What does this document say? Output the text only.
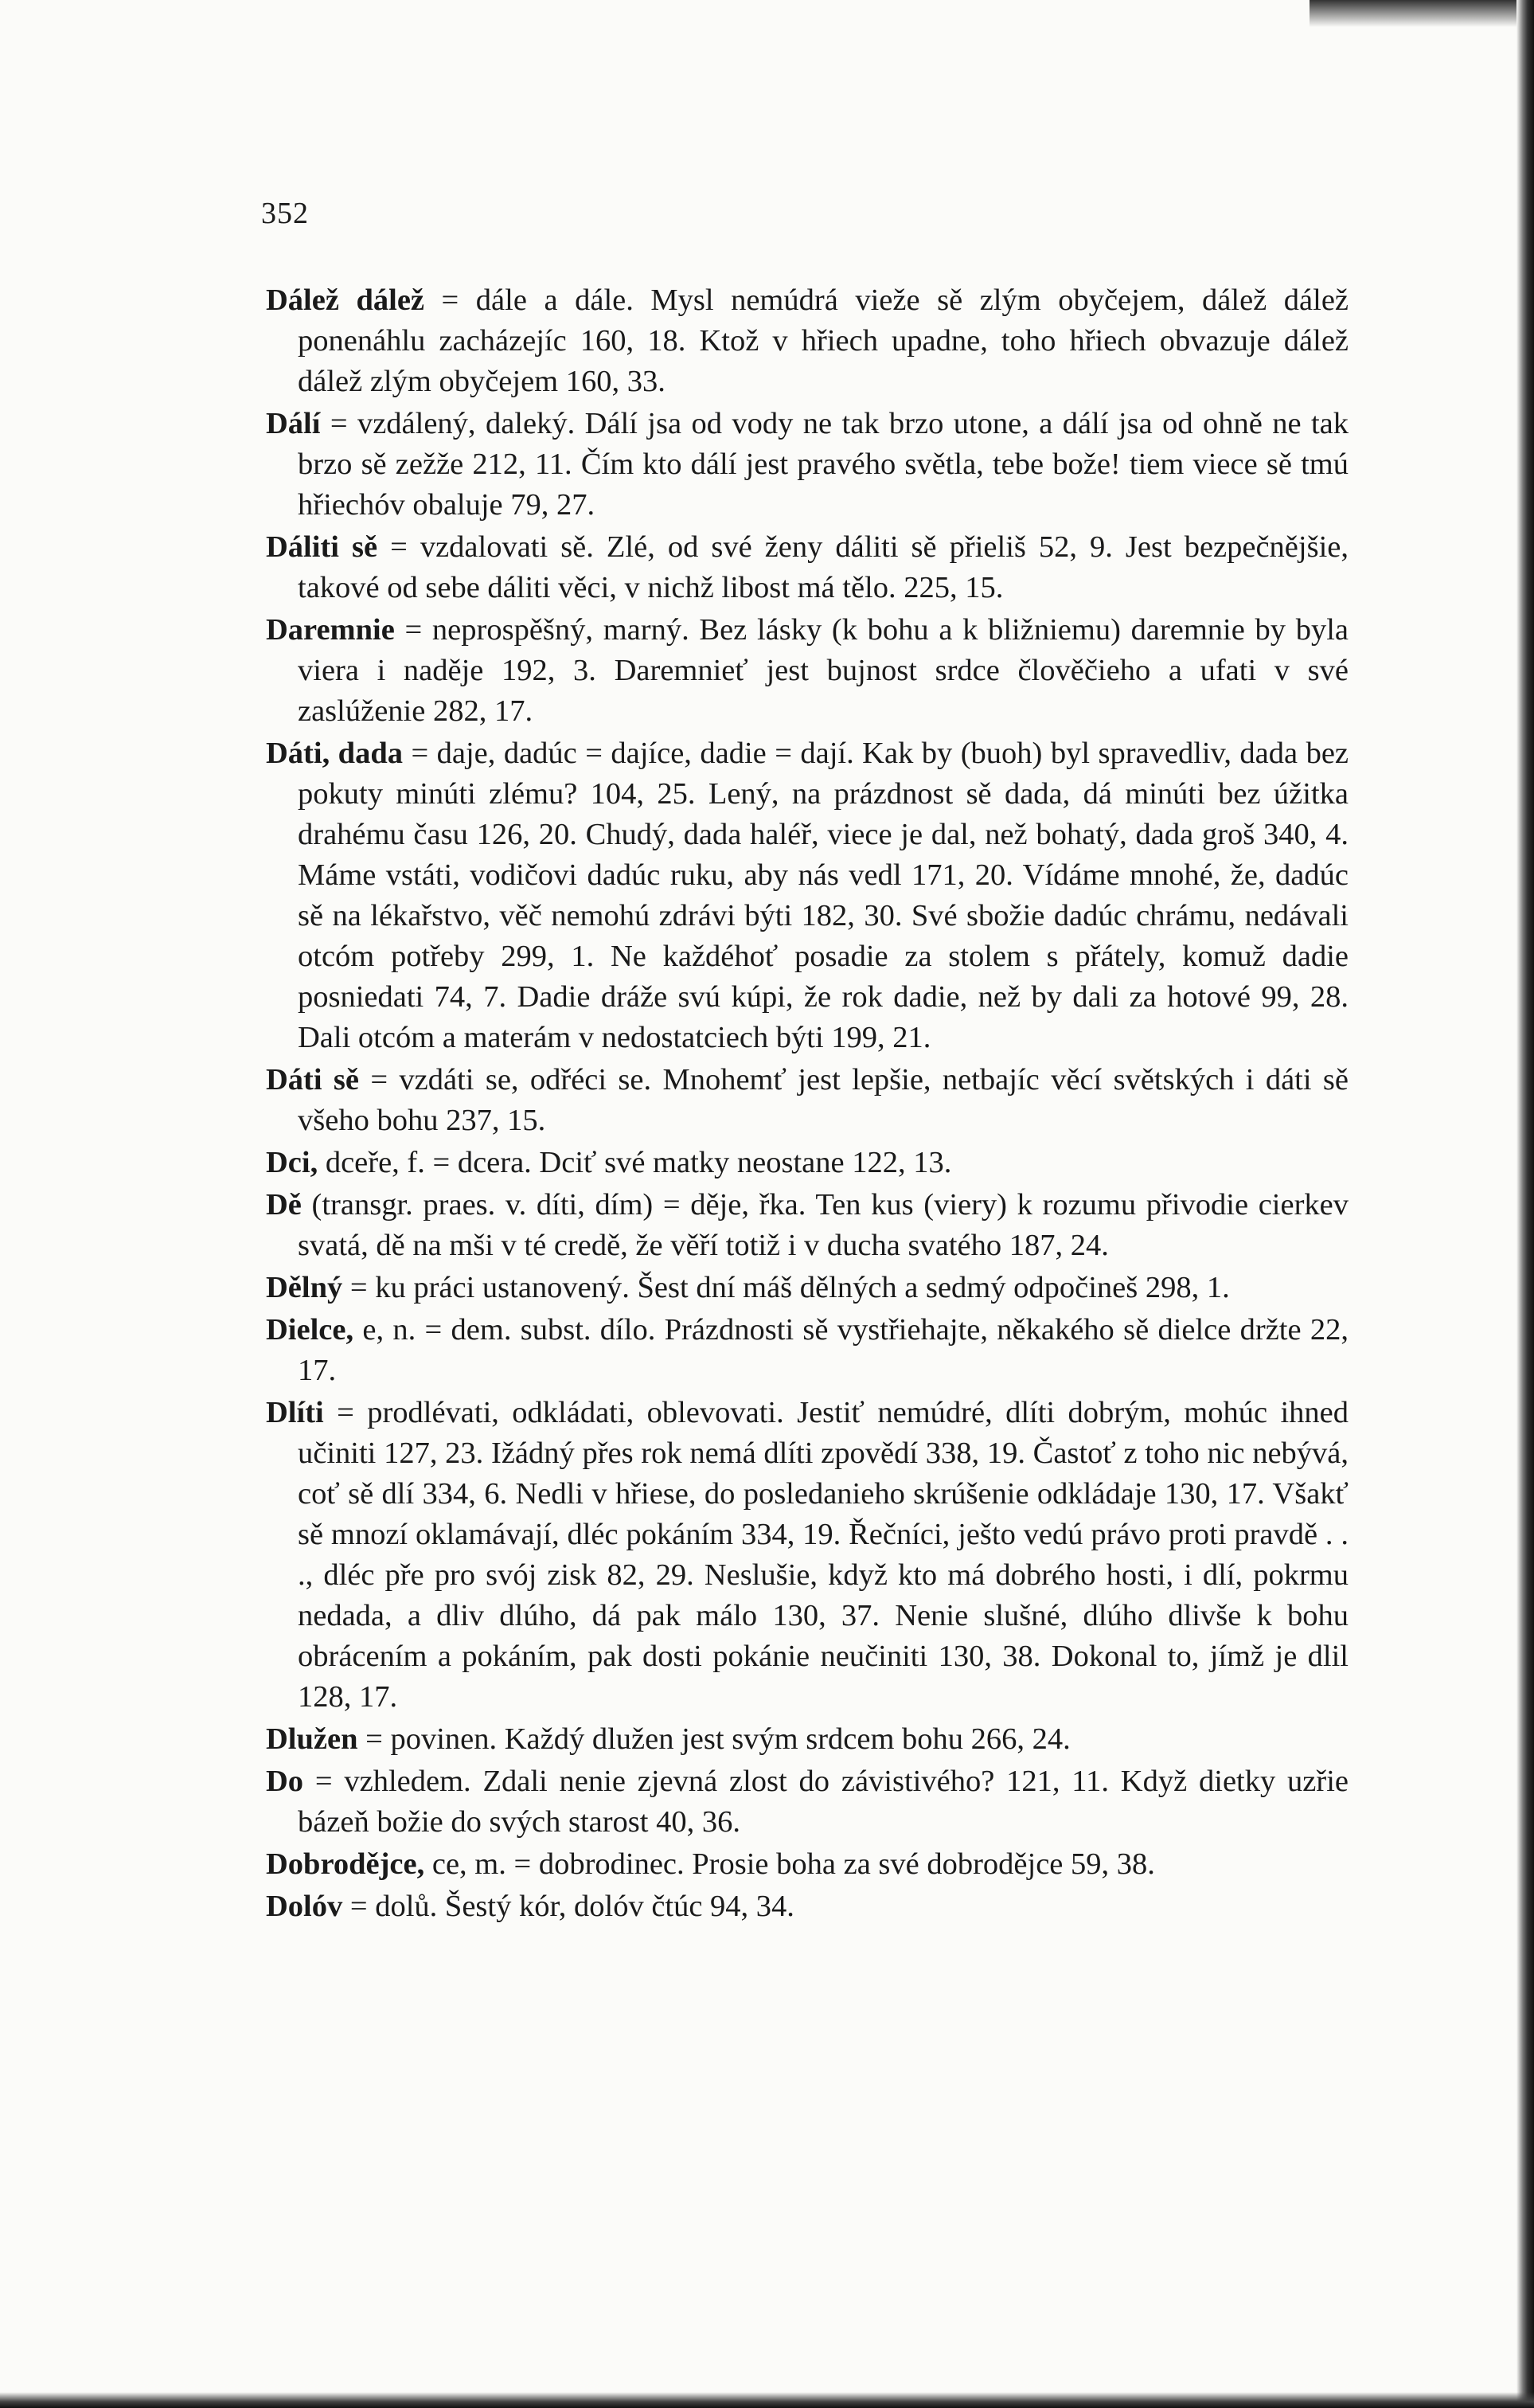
352

Dálež dálež = dále a dále. Mysl nemúdrá vieže sě zlým obyčejem, dálež dálež ponenáhlu zacházejíc 160, 18. Ktož v hřiech upadne, toho hřiech obvazuje dálež dálež zlým obyčejem 160, 33.

Dálí = vzdálený, daleký. Dálí jsa od vody ne tak brzo utone, a dálí jsa od ohně ne tak brzo sě zežže 212, 11. Čím kto dálí jest pravého světla, tebe bože! tiem viece sě tmú hřiechóv obaluje 79, 27.

Dáliti sě = vzdalovati sě. Zlé, od své ženy dáliti sě přieliš 52, 9. Jest bezpečnějšie, takové od sebe dáliti věci, v nichž libost má tělo. 225, 15.

Daremnie = neprospěšný, marný. Bez lásky (k bohu a k bližniemu) daremnie by byla viera i naděje 192, 3. Daremnieť jest bujnost srdce člověčieho a ufati v své zaslúženie 282, 17.

Dáti, dada = daje, dadúc = dajíce, dadie = dají. Kak by (buoh) byl spravedliv, dada bez pokuty minúti zlému? 104, 25. Lený, na prázdnost sě dada, dá minúti bez úžitka drahému času 126, 20. Chudý, dada haléř, viece je dal, než bohatý, dada groš 340, 4. Máme vstáti, vodičovi dadúc ruku, aby nás vedl 171, 20. Vídáme mnohé, že, dadúc sě na lékařstvo, věč nemohú zdrávi býti 182, 30. Své sbožie dadúc chrámu, nedávali otcóm potřeby 299, 1. Ne každéhoť posadie za stolem s přátely, komuž dadie posniedati 74, 7. Dadie dráže svú kúpi, že rok dadie, než by dali za hotové 99, 28. Dali otcóm a materám v nedostatciech býti 199, 21.

Dáti sě = vzdáti se, odřéci se. Mnohemť jest lepšie, netbajíc věcí světských i dáti sě všeho bohu 237, 15.

Dci, dceře, f. = dcera. Dciť své matky neostane 122, 13.

Dě (transgr. praes. v. díti, dím) = děje, řka. Ten kus (viery) k rozumu přivodie cierkev svatá, dě na mši v té credě, že věří totiž i v ducha svatého 187, 24.

Dělný = ku práci ustanovený. Šest dní máš dělných a sedmý odpočineš 298, 1.

Dielce, e, n. = dem. subst. dílo. Prázdnosti sě vystřiehajte, někakého sě dielce držte 22, 17.

Dlíti = prodlévati, odkládati, oblevovati. Jestiť nemúdré, dlíti dobrým, mohúc ihned učiniti 127, 23. Ižádný přes rok nemá dlíti zpovědí 338, 19. Častoť z toho nic nebývá, coť sě dlí 334, 6. Nedli v hřiese, do posledanieho skrúšenie odkládaje 130, 17. Všakť sě mnozí oklamávají, dléc pokáním 334, 19. Řečníci, ješto vedú právo proti pravdě . . ., dléc pře pro svój zisk 82, 29. Neslušie, když kto má dobrého hosti, i dlí, pokrmu nedada, a dliv dlúho, dá pak málo 130, 37. Nenie slušné, dlúho dlivše k bohu obrácením a pokáním, pak dosti pokánie neučiniti 130, 38. Dokonal to, jímž je dlil 128, 17.

Dlužen = povinen. Každý dlužen jest svým srdcem bohu 266, 24.

Do = vzhledem. Zdali nenie zjevná zlost do závistivého? 121, 11. Když dietky uzřie bázeň božie do svých starost 40, 36.

Dobroděјce, ce, m. = dobrodinec. Prosie boha za své dobroděјce 59, 38.

Dolóv = dolů. Šestý kór, dolóv čtúc 94, 34.
